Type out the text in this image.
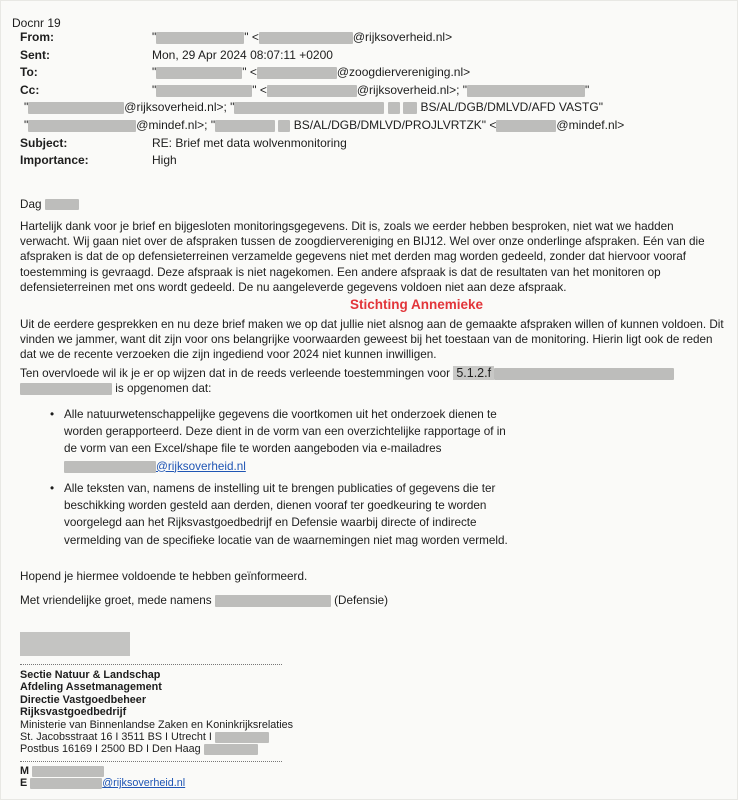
Docnr 19
From:	"	" <	@rijksoverheid.nl>
Sent:	Mon, 29 Apr 2024 08:07:11 +0200
To:	"	" <	@zoogdiervereniging.nl>
Cc:	"	" <	@rijksoverheid.nl>; "	"
"	@rijksoverheid.nl>; "	BS/AL/DGB/DMLVD/AFD VASTG"
"	@mindef.nl>; "	BS/AL/DGB/DMLVD/PROJLVRTZK" <	@mindef.nl>
Subject:	RE: Brief met data wolvenmonitoring
Importance:	High
Dag

Hartelijk dank voor je brief en bijgesloten monitoringsgegevens. Dit is, zoals we eerder hebben besproken, niet wat we hadden verwacht. Wij gaan niet over de afspraken tussen de zoogdiervereniging en BIJ12. Wel over onze onderlinge afspraken. Eén van die afspraken is dat de op defensieterreinen verzamelde gegevens niet met derden mag worden gedeeld, zonder dat hiervoor vooraf toestemming is gevraagd. Deze afspraak is niet nagekomen. Een andere afspraak is dat de resultaten van het monitoren op defensieterreinen met ons wordt gedeeld. De nu aangeleverde gegevens voldoen niet aan deze afspraak.

Stichting Annemieke

Uit de eerdere gesprekken en nu deze brief maken we op dat jullie niet alsnog aan de gemaakte afspraken willen of kunnen voldoen. Dit vinden we jammer, want dit zijn voor ons belangrijke voorwaarden geweest bij het toestaan van de monitoring. Hierin ligt ook de reden dat we de recente verzoeken die zijn ingediend voor 2024 niet kunnen inwilligen.

Ten overvloede wil ik je er op wijzen dat in de reeds verleende toestemmingen voor 5.1.2.f
is opgenomen dat:

• Alle natuurwetenschappelijke gegevens die voortkomen uit het onderzoek dienen te worden gerapporteerd. Deze dient in de vorm van een overzichtelijke rapportage of in de vorm van een Excel/shape file te worden aangeboden via e-mailadres @rijksoverheid.nl
• Alle teksten van, namens de instelling uit te brengen publicaties of gegevens die ter beschikking worden gesteld aan derden, dienen vooraf ter goedkeuring te worden voorgelegd aan het Rijksvastgoedbedrijf en Defensie waarbij directe of indirecte vermelding van de specifieke locatie van de waarnemingen niet mag worden vermeld.

Hopend je hiermee voldoende te hebben geïnformeerd.

Met vriendelijke groet, mede namens	(Defensie)

Sectie Natuur & Landschap
Afdeling Assetmanagement
Directie Vastgoedbeheer
Rijksvastgoedbedrijf
Ministerie van Binnenlandse Zaken en Koninkrijksrelaties
St. Jacobsstraat 16 I 3511 BS I Utrecht I
Postbus 16169 I 2500 BD I Den Haag
M
E	@rijksoverheid.nl
